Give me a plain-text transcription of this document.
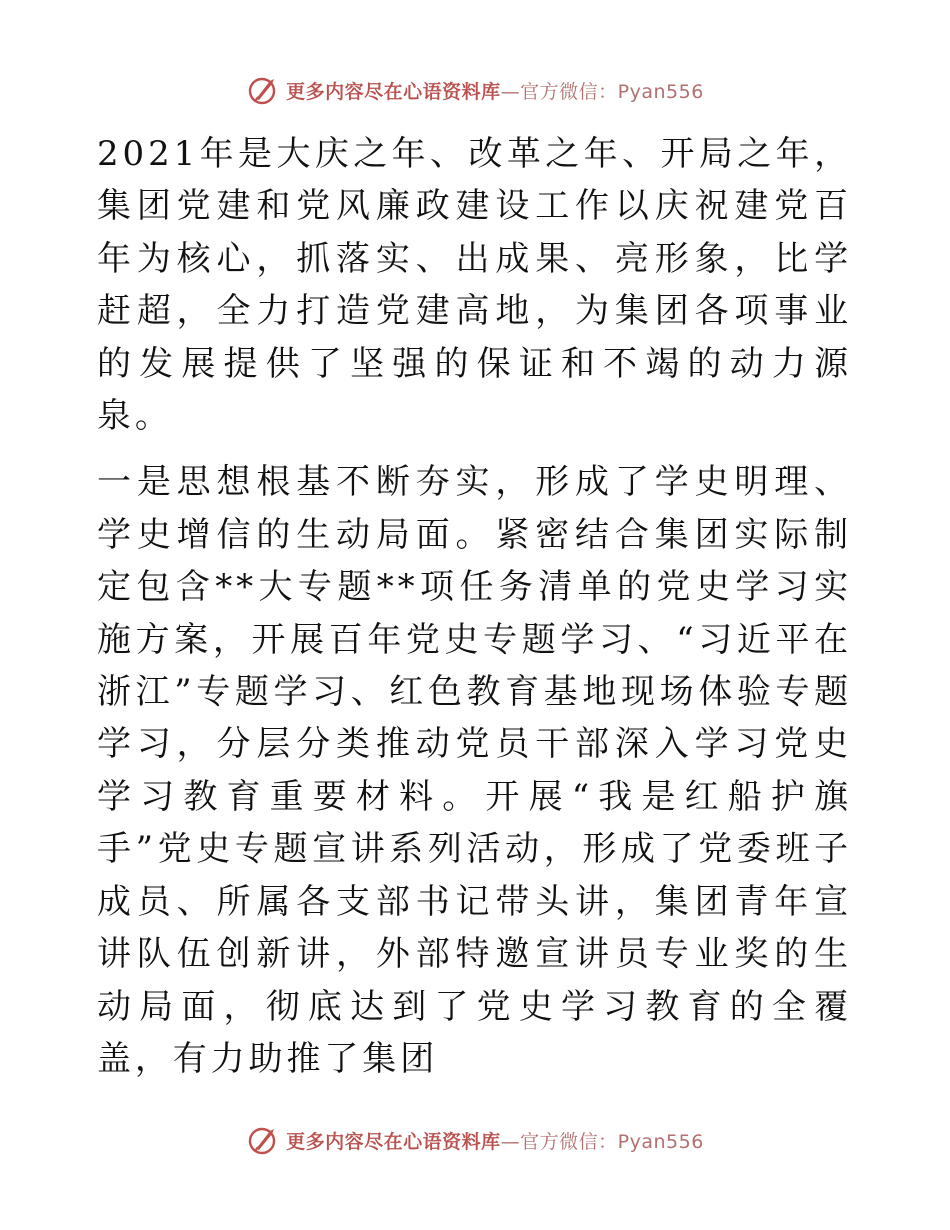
更多内容尽在心语资料库—官方微信：Pyan556

2021年是大庆之年、改革之年、开局之年，集团党建和党风廉政建设工作以庆祝建党百年为核心，抓落实、出成果、亮形象，比学赶超，全力打造党建高地，为集团各项事业的发展提供了坚强的保证和不竭的动力源泉。

一是思想根基不断夯实，形成了学史明理、学史增信的生动局面。紧密结合集团实际制定包含**大专题**项任务清单的党史学习实施方案，开展百年党史专题学习、“习近平在浙江”专题学习、红色教育基地现场体验专题学习，分层分类推动党员干部深入学习党史学习教育重要材料。开展“我是红船护旗手”党史专题宣讲系列活动，形成了党委班子成员、所属各支部书记带头讲，集团青年宣讲队伍创新讲，外部特邀宣讲员专业奖的生动局面，彻底达到了党史学习教育的全覆盖，有力助推了集团

更多内容尽在心语资料库—官方微信：Pyan556
